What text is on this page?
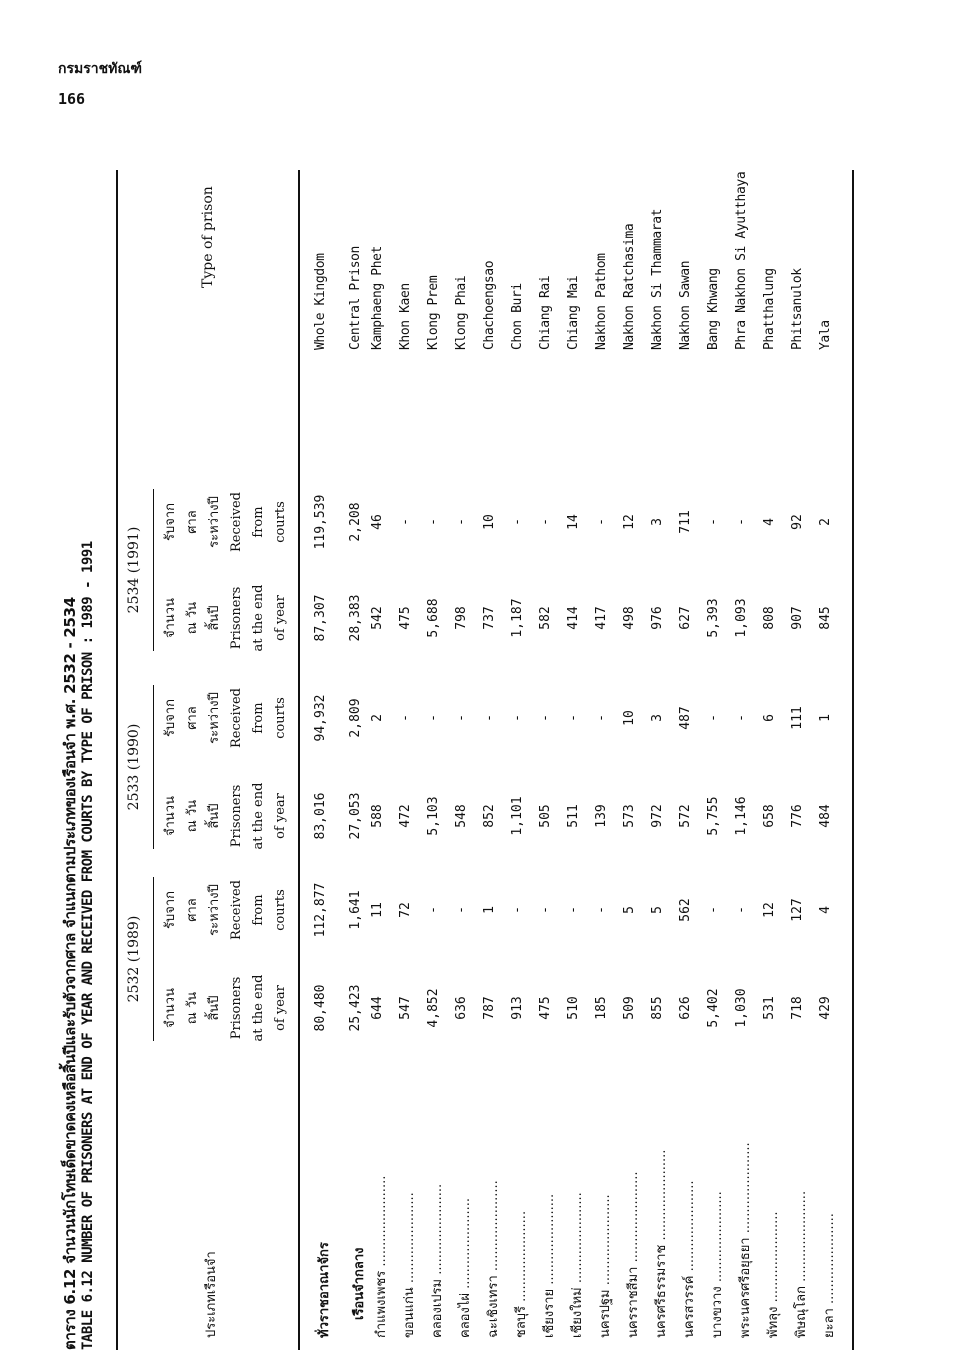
กรมราชทัณฑ์
166
ตาราง 6.12 จำนวนนักโทษเด็ดขาดคงเหลือสิ้นปีและรับตัวจากศาล จำแนกตามประเภทของเรือนจำ พ.ศ. 2532 - 2534 TABLE 6.12 NUMBER OF PRISONERS AT END OF YEAR AND RECEIVED FROM COURTS BY TYPE OF PRISON : 1989 - 1991	ประเภทเรือนจำ
Type of prison
2532 (1989)
2533 (1990)
2534 (1991)
จำนวน ณ วัน สิ้นปี Prisoners at the end of year
รับจาก ศาล ระหว่างปี Received from courts
จำนวน ณ วัน สิ้นปี Prisoners at the end of year
รับจาก ศาล ระหว่างปี Received from courts
จำนวน ณ วัน สิ้นปี Prisoners at the end of year
รับจาก ศาล ระหว่างปี Received from courts
ทั่วราชอาณาจักร
80,480
112,877
83,016
94,932
87,307
119,539
Whole Kingdom
เรือนจำกลาง
25,423
1,641
27,053
2,809
28,383
2,208
Central Prison
กำแพงเพชร ......................
644
11
588
2
542
46
Kamphaeng Phet
ขอนแก่น ......................
547
72
472
-
475
-
Khon Kaen
คลองเปรม ......................
4,852
-
5,103
-
5,688
-
Klong Prem
คลองไผ่ ......................
636
-
548
-
798
-
Klong Phai
ฉะเชิงเทรา ......................
787
1
852
-
737
10
Chachoengsao
ชลบุรี ......................
913
-
1,101
-
1,187
-
Chon Buri
เชียงราย ......................
475
-
505
-
582
-
Chiang Rai
เชียงใหม่ ......................
510
-
511
-
414
14
Chiang Mai
นครปฐม ......................
185
-
139
-
417
-
Nakhon Pathom
นครราชสีมา ......................
509
5
573
10
498
12
Nakhon Ratchasima
นครศรีธรรมราช ......................
855
5
972
3
976
3
Nakhon Si Thammarat
นครสวรรค์ ......................
626
562
572
487
627
711
Nakhon Sawan
บางขวาง ......................
5,402
-
5,755
-
5,393
-
Bang Khwang
พระนครศรีอยุธยา ......................
1,030
-
1,146
-
1,093
-
Phra Nakhon Si Ayutthaya
พัทลุง ......................
531
12
658
6
808
4
Phatthalung
พิษณุโลก ......................
718
127
776
111
907
92
Phitsanulok
ยะลา ......................
429
4
484
1
845
2
Yala
